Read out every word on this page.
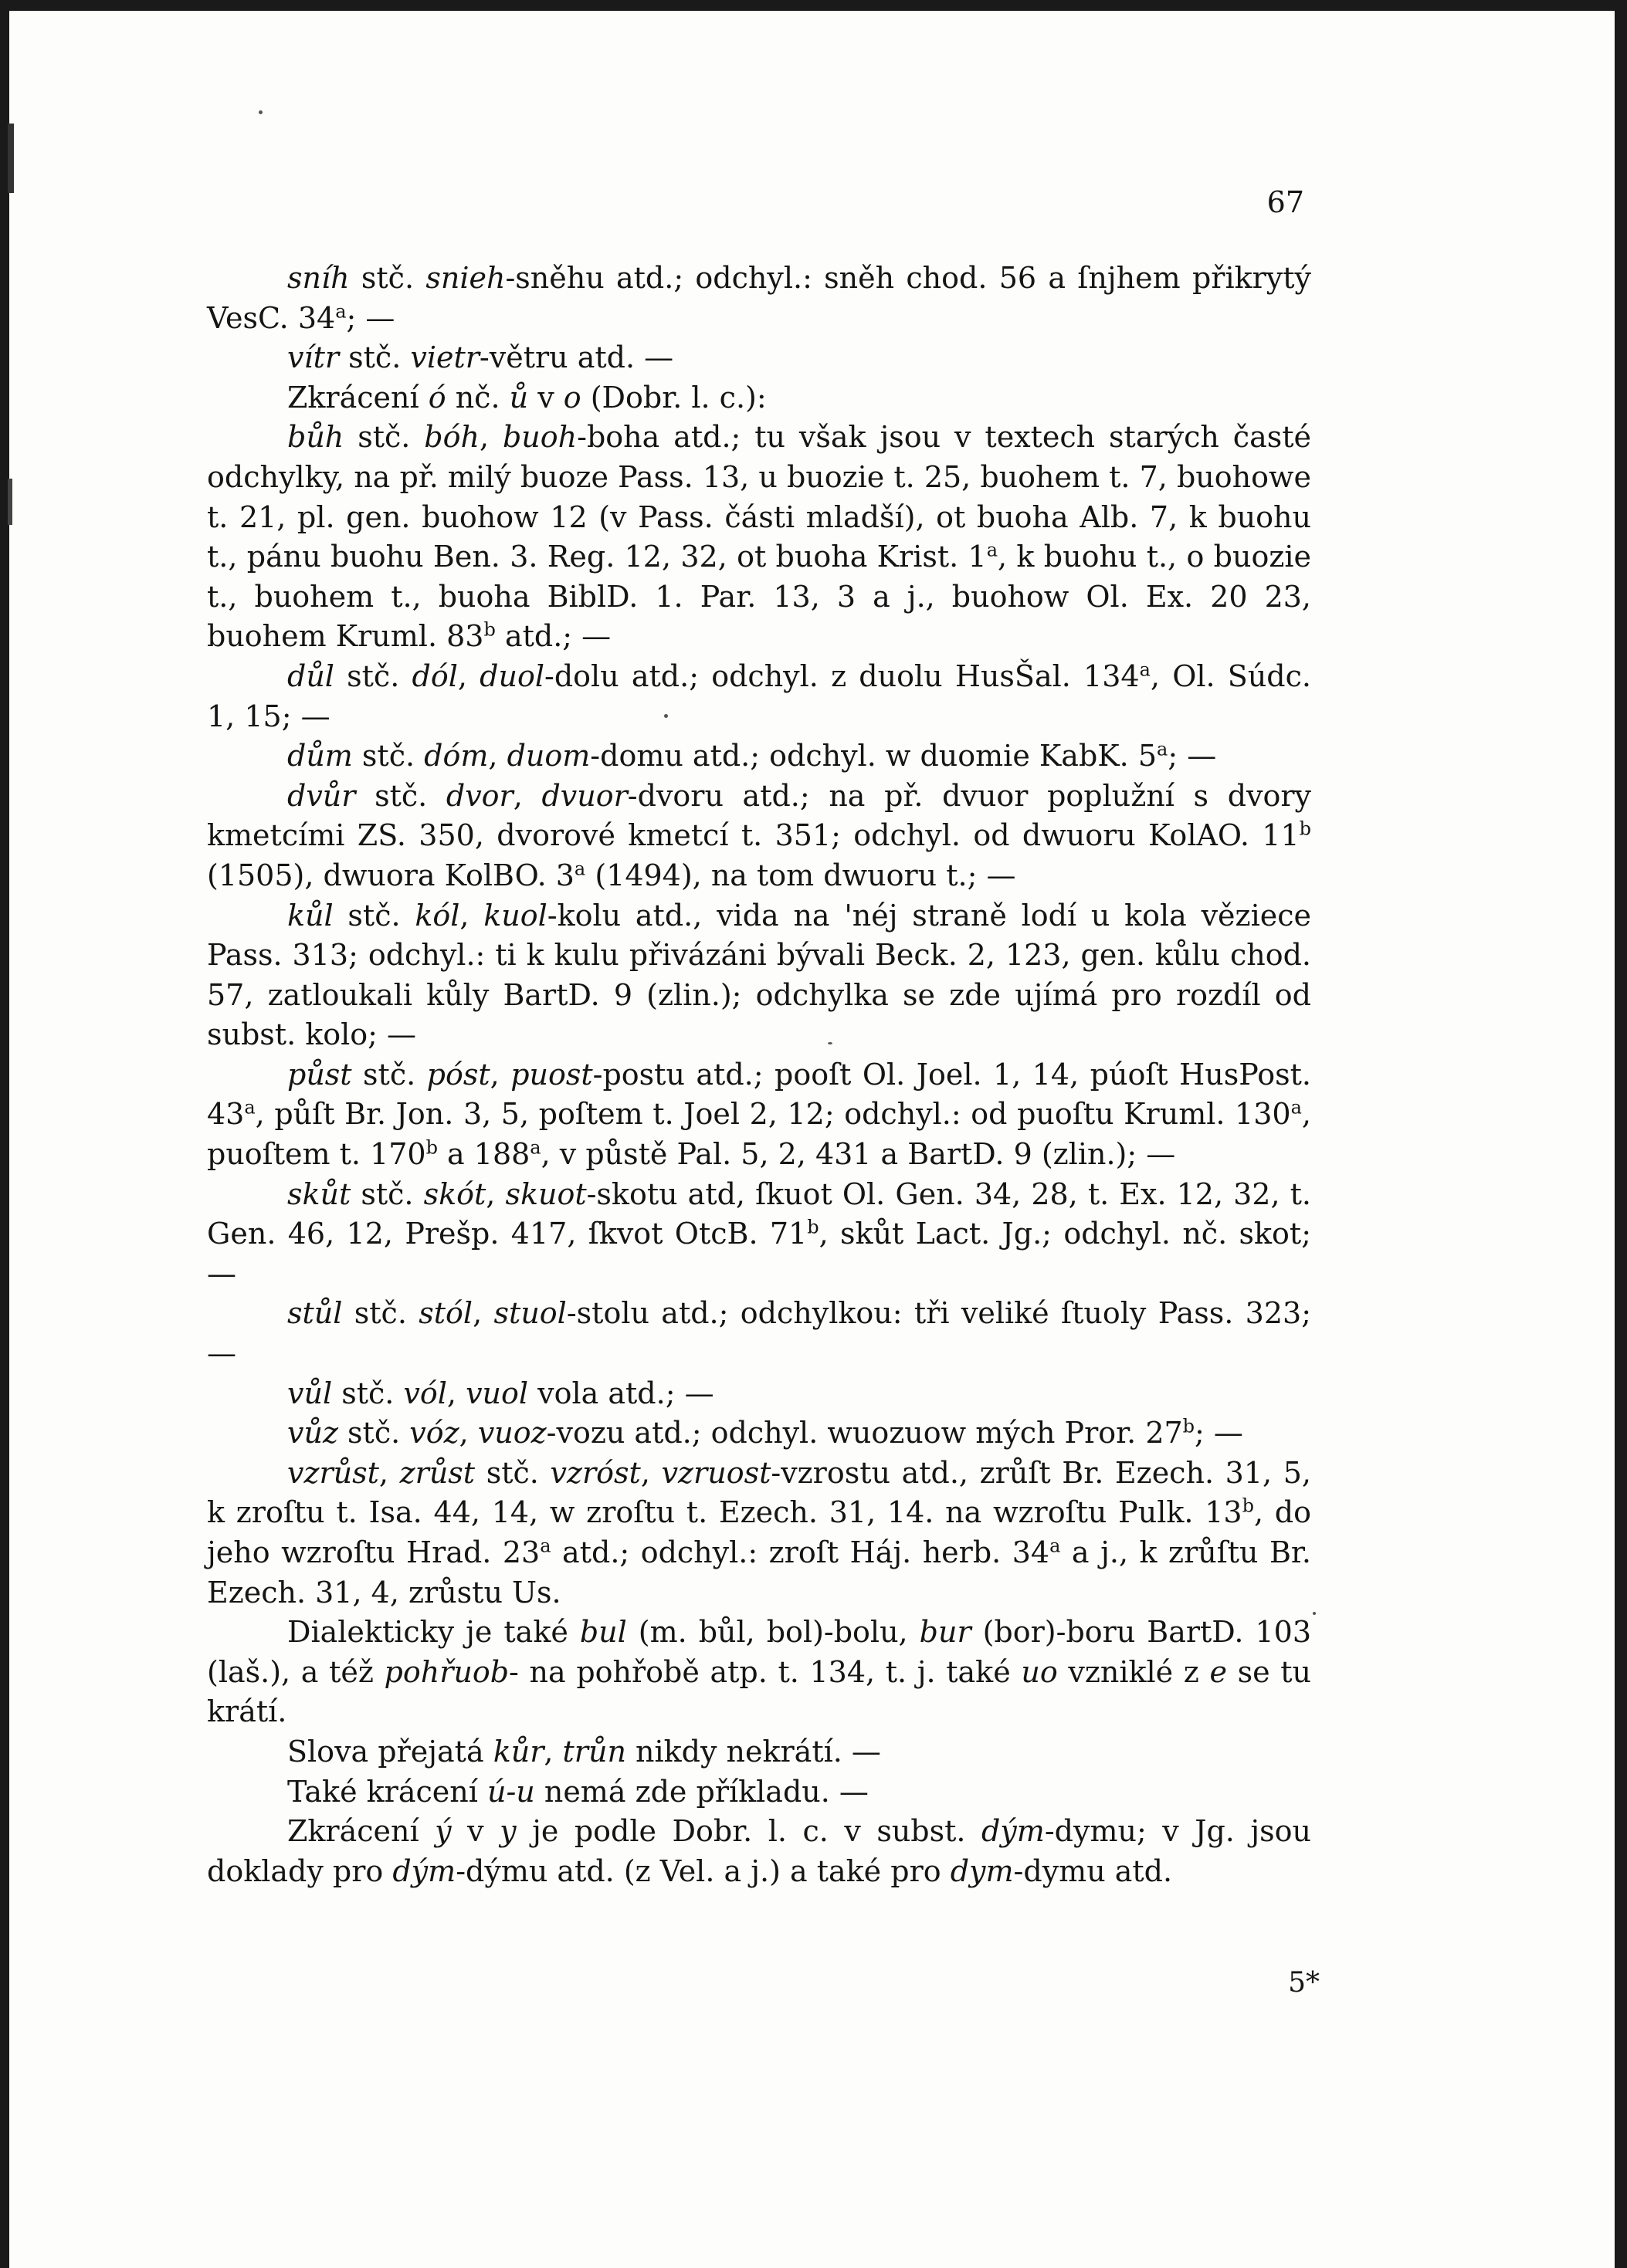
67

sníh stč. snieh-sněhu atd.; odchyl.: sněh chod. 56 a ſnjhem přikrytý VesC. 34$^a$; —

vítr stč. vietr-větru atd. —

Zkrácení ó nč. ů v o (Dobr. l. c.):

bůh stč. bóh, buoh-boha atd.; tu však jsou v textech starých časté odchylky, na př. milý buoze Pass. 13, u buozie t. 25, buohem t. 7, buohowe t. 21, pl. gen. buohow 12 (v Pass. části mladší), ot buoha Alb. 7, k buohu t., pánu buohu Ben. 3. Reg. 12, 32, ot buoha Krist. 1$^a$, k buohu t., o buozie t., buohem t., buoha BiblD. 1. Par. 13, 3 a j., buohow Ol. Ex. 20 23, buohem Kruml. 83$^b$ atd.; —

důl stč. dól, duol-dolu atd.; odchyl. z duolu HusŠal. 134$^a$, Ol. Súdc. 1, 15; —

dům stč. dóm, duom-domu atd.; odchyl. w duomie KabK. 5$^a$; —

dvůr stč. dvor, dvuor-dvoru atd.; na př. dvuor poplužní s dvory kmetcími ZS. 350, dvorové kmetcí t. 351; odchyl. od dwuoru KolAO. 11$^b$ (1505), dwuora KolBO. 3$^a$ (1494), na tom dwuoru t.; —

kůl stč. kól, kuol-kolu atd., vida na 'néj straně lodí u kola věziece Pass. 313; odchyl.: ti k kulu přivázáni bývali Beck. 2, 123, gen. kůlu chod. 57, zatloukali kůly BartD. 9 (zlin.); odchylka se zde ujímá pro rozdíl od subst. kolo; —

půst stč. póst, puost-postu atd.; pooſt Ol. Joel. 1, 14, púoſt HusPost. 43$^a$, půſt Br. Jon. 3, 5, poſtem t. Joel 2, 12; odchyl.: od puoſtu Kruml. 130$^a$, puoſtem t. 170$^b$ a 188$^a$, v půstě Pal. 5, 2, 431 a BartD. 9 (zlin.); —

skůt stč. skót, skuot-skotu atd, ſkuot Ol. Gen. 34, 28, t. Ex. 12, 32, t. Gen. 46, 12, Prešp. 417, ſkvot OtcB. 71$^b$, skůt Lact. Jg.; odchyl. nč. skot; —

stůl stč. stól, stuol-stolu atd.; odchylkou: tři veliké ſtuoly Pass. 323; —

vůl stč. vól, vuol vola atd.; —

vůz stč. vóz, vuoz-vozu atd.; odchyl. wuozuow mých Pror. 27$^b$; —

vzrůst, zrůst stč. vzróst, vzruost-vzrostu atd., zrůſt Br. Ezech. 31, 5, k zroſtu t. Isa. 44, 14, w zroſtu t. Ezech. 31, 14. na wzroſtu Pulk. 13$^b$, do jeho wzroſtu Hrad. 23$^a$ atd.; odchyl.: zroſt Háj. herb. 34$^a$ a j., k zrůſtu Br. Ezech. 31, 4, zrůstu Us.

Dialekticky je také bul (m. bůl, bol)-bolu, bur (bor)-boru BartD. 103 (laš.), a též pohřuob- na pohřobě atp. t. 134, t. j. také uo vzniklé z e se tu krátí.

Slova přejatá kůr, trůn nikdy nekrátí. —

Také krácení ú-u nemá zde příkladu. —

Zkrácení ý v y je podle Dobr. l. c. v subst. dým-dymu; v Jg. jsou doklady pro dým-dýmu atd. (z Vel. a j.) a také pro dym-dymu atd.

5*
